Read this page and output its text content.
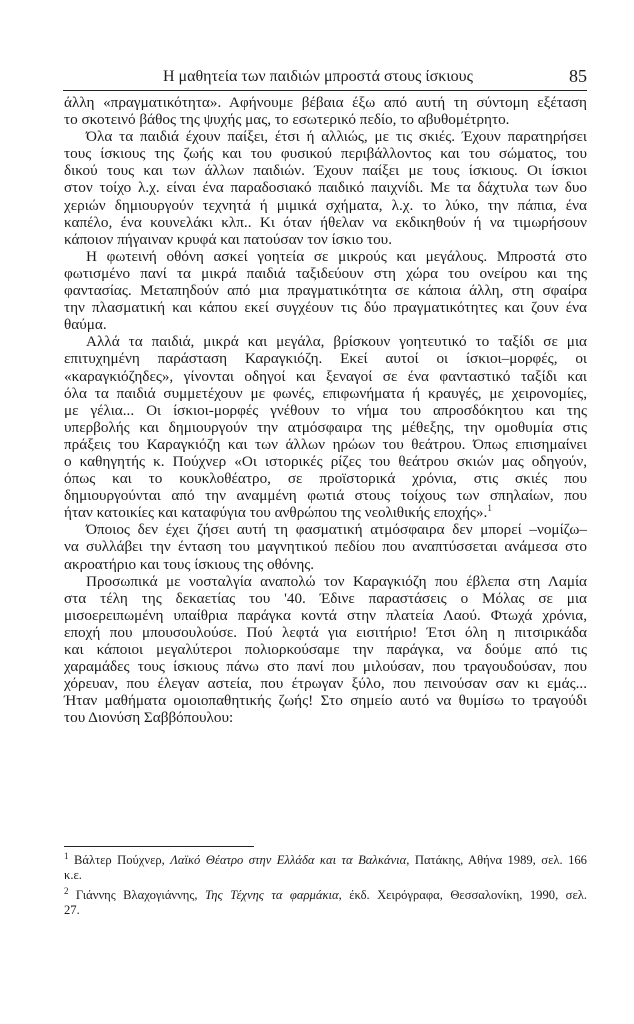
Η μαθητεία των παιδιών μπροστά στους ίσκιους	85
άλλη «πραγματικότητα». Αφήνουμε βέβαια έξω από αυτή τη σύντομη εξέταση
το σκοτεινό βάθος της ψυχής μας, το εσωτερικό πεδίο, το αβυθομέτρητο.
Όλα τα παιδιά έχουν παίξει, έτσι ή αλλιώς, με τις σκιές. Έχουν παρατηρήσει
τους ίσκιους της ζωής και του φυσικού περιβάλλοντος και του σώματος, του
δικού τους και των άλλων παιδιών. Έχουν παίξει με τους ίσκιους. Οι ίσκιοι
στον τοίχο λ.χ. είναι ένα παραδοσιακό παιδικό παιχνίδι. Με τα δάχτυλα των δυο
χεριών δημιουργούν τεχνητά ή μιμικά σχήματα, λ.χ. το λύκο, την πάπια, ένα
καπέλο, ένα κουνελάκι κλπ.. Κι όταν ήθελαν να εκδικηθούν ή να τιμωρήσουν
κάποιον πήγαιναν κρυφά και πατούσαν τον ίσκιο του.
Η φωτεινή οθόνη ασκεί γοητεία σε μικρούς και μεγάλους. Μπροστά στο
φωτισμένο πανί τα μικρά παιδιά ταξιδεύουν στη χώρα του ονείρου και της
φαντασίας. Μεταπηδούν από μια πραγματικότητα σε κάποια άλλη, στη σφαίρα
την πλασματική και κάπου εκεί συγχέουν τις δύο πραγματικότητες και ζουν ένα
θαύμα.
Αλλά τα παιδιά, μικρά και μεγάλα, βρίσκουν γοητευτικό το ταξίδι σε μια
επιτυχημένη παράσταση Καραγκιόζη. Εκεί αυτοί οι ίσκιοι–μορφές, οι
«καραγκιόζηδες», γίνονται οδηγοί και ξεναγοί σε ένα φανταστικό ταξίδι και
όλα τα παιδιά συμμετέχουν με φωνές, επιφωνήματα ή κραυγές, με χειρονομίες,
με γέλια... Οι ίσκιοι-μορφές γνέθουν το νήμα του απροσδόκητου και της
υπερβολής και δημιουργούν την ατμόσφαιρα της μέθεξης, την ομοθυμία στις
πράξεις του Καραγκιόζη και των άλλων ηρώων του θεάτρου. Όπως επισημαίνει
ο καθηγητής κ. Πούχνερ «Οι ιστορικές ρίζες του θεάτρου σκιών μας οδηγούν,
όπως και το κουκλοθέατρο, σε προϊστορικά χρόνια, στις σκιές που
δημιουργούνται από την αναμμένη φωτιά στους τοίχους των σπηλαίων, που
ήταν κατοικίες και καταφύγια του ανθρώπου της νεολιθικής εποχής».$^1$
Όποιος δεν έχει ζήσει αυτή τη φασματική ατμόσφαιρα δεν μπορεί –νομίζω–
να συλλάβει την ένταση του μαγνητικού πεδίου που αναπτύσσεται ανάμεσα στο
ακροατήριο και τους ίσκιους της οθόνης.
Προσωπικά με νοσταλγία αναπολώ τον Καραγκιόζη που έβλεπα στη Λαμία
στα τέλη της δεκαετίας του '40. Έδινε παραστάσεις ο Μόλας σε μια
μισοερειπωμένη υπαίθρια παράγκα κοντά στην πλατεία Λαού. Φτωχά χρόνια,
εποχή που μπουσουλούσε. Πού λεφτά για εισιτήριο! Έτσι όλη η πιτσιρικάδα
και κάποιοι μεγαλύτεροι πολιορκούσαμε την παράγκα, να δούμε από τις
χαραμάδες τους ίσκιους πάνω στο πανί που μιλούσαν, που τραγουδούσαν, που
χόρευαν, που έλεγαν αστεία, που έτρωγαν ξύλο, που πεινούσαν σαν κι εμάς...
Ήταν μαθήματα ομοιοπαθητικής ζωής! Στο σημείο αυτό να θυμίσω το τραγούδι
του Διονύση Σαββόπουλου:
$^1$ Βάλτερ Πούχνερ, Λαϊκό Θέατρο στην Ελλάδα και τα Βαλκάνια, Πατάκης, Αθήνα 1989, σελ. 166
κ.ε.
$^2$ Γιάννης Βλαχογιάννης, Της Τέχνης τα φαρμάκια, έκδ. Χειρόγραφα, Θεσσαλονίκη, 1990, σελ.
27.
